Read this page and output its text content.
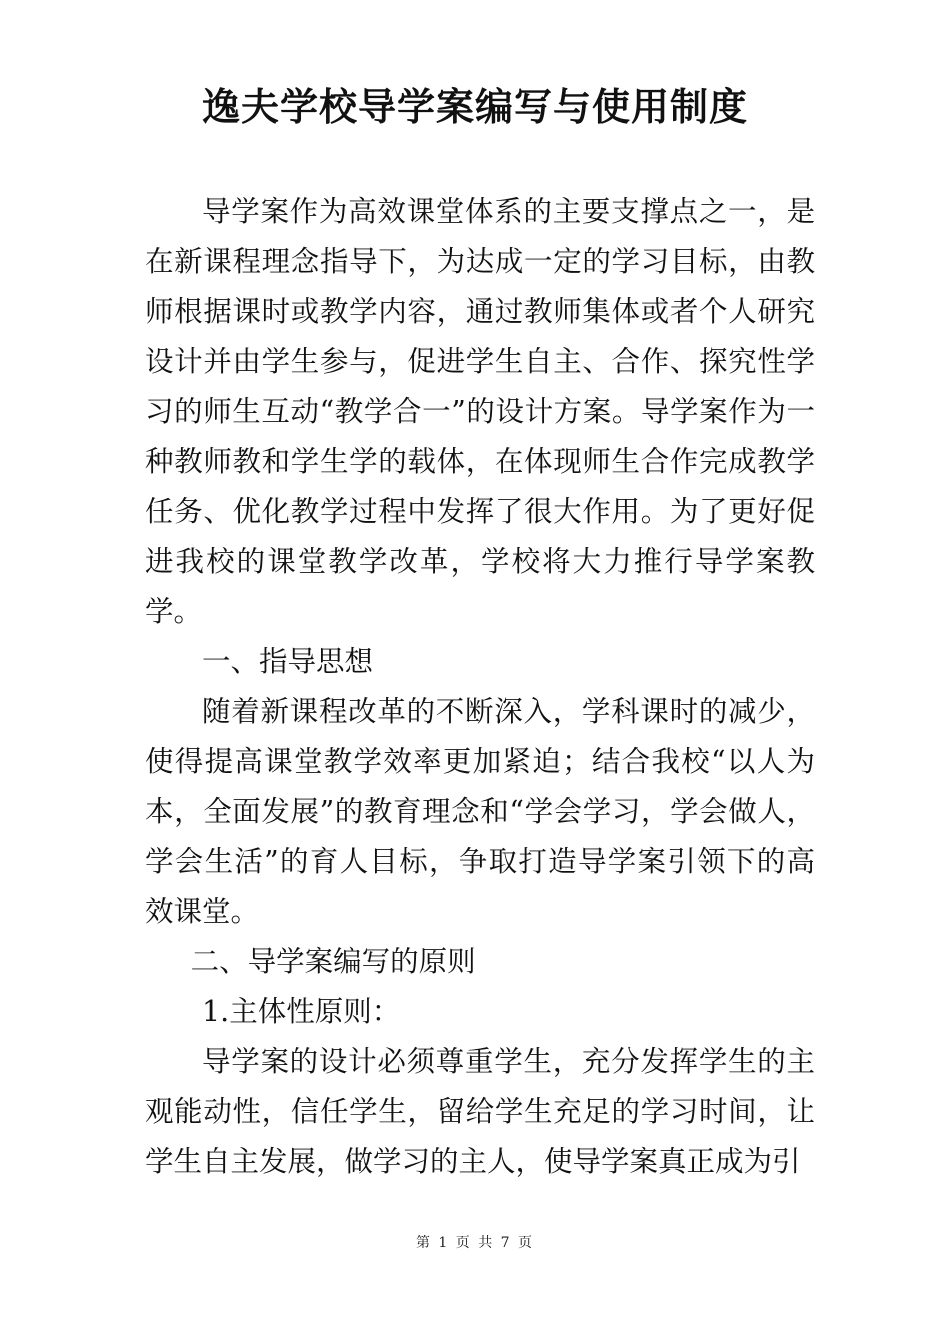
逸夫学校导学案编写与使用制度

导学案作为高效课堂体系的主要支撑点之一，是在新课程理念指导下，为达成一定的学习目标，由教师根据课时或教学内容，通过教师集体或者个人研究设计并由学生参与，促进学生自主、合作、探究性学习的师生互动“教学合一”的设计方案。导学案作为一种教师教和学生学的载体，在体现师生合作完成教学任务、优化教学过程中发挥了很大作用。为了更好促进我校的课堂教学改革，学校将大力推行导学案教学。

一、指导思想

随着新课程改革的不断深入，学科课时的减少，使得提高课堂教学效率更加紧迫；结合我校“以人为本，全面发展”的教育理念和“学会学习，学会做人，学会生活”的育人目标，争取打造导学案引领下的高效课堂。

二、导学案编写的原则

1.主体性原则：

导学案的设计必须尊重学生，充分发挥学生的主观能动性，信任学生，留给学生充足的学习时间，让学生自主发展，做学习的主人，使导学案真正成为引

第 1 页 共 7 页
